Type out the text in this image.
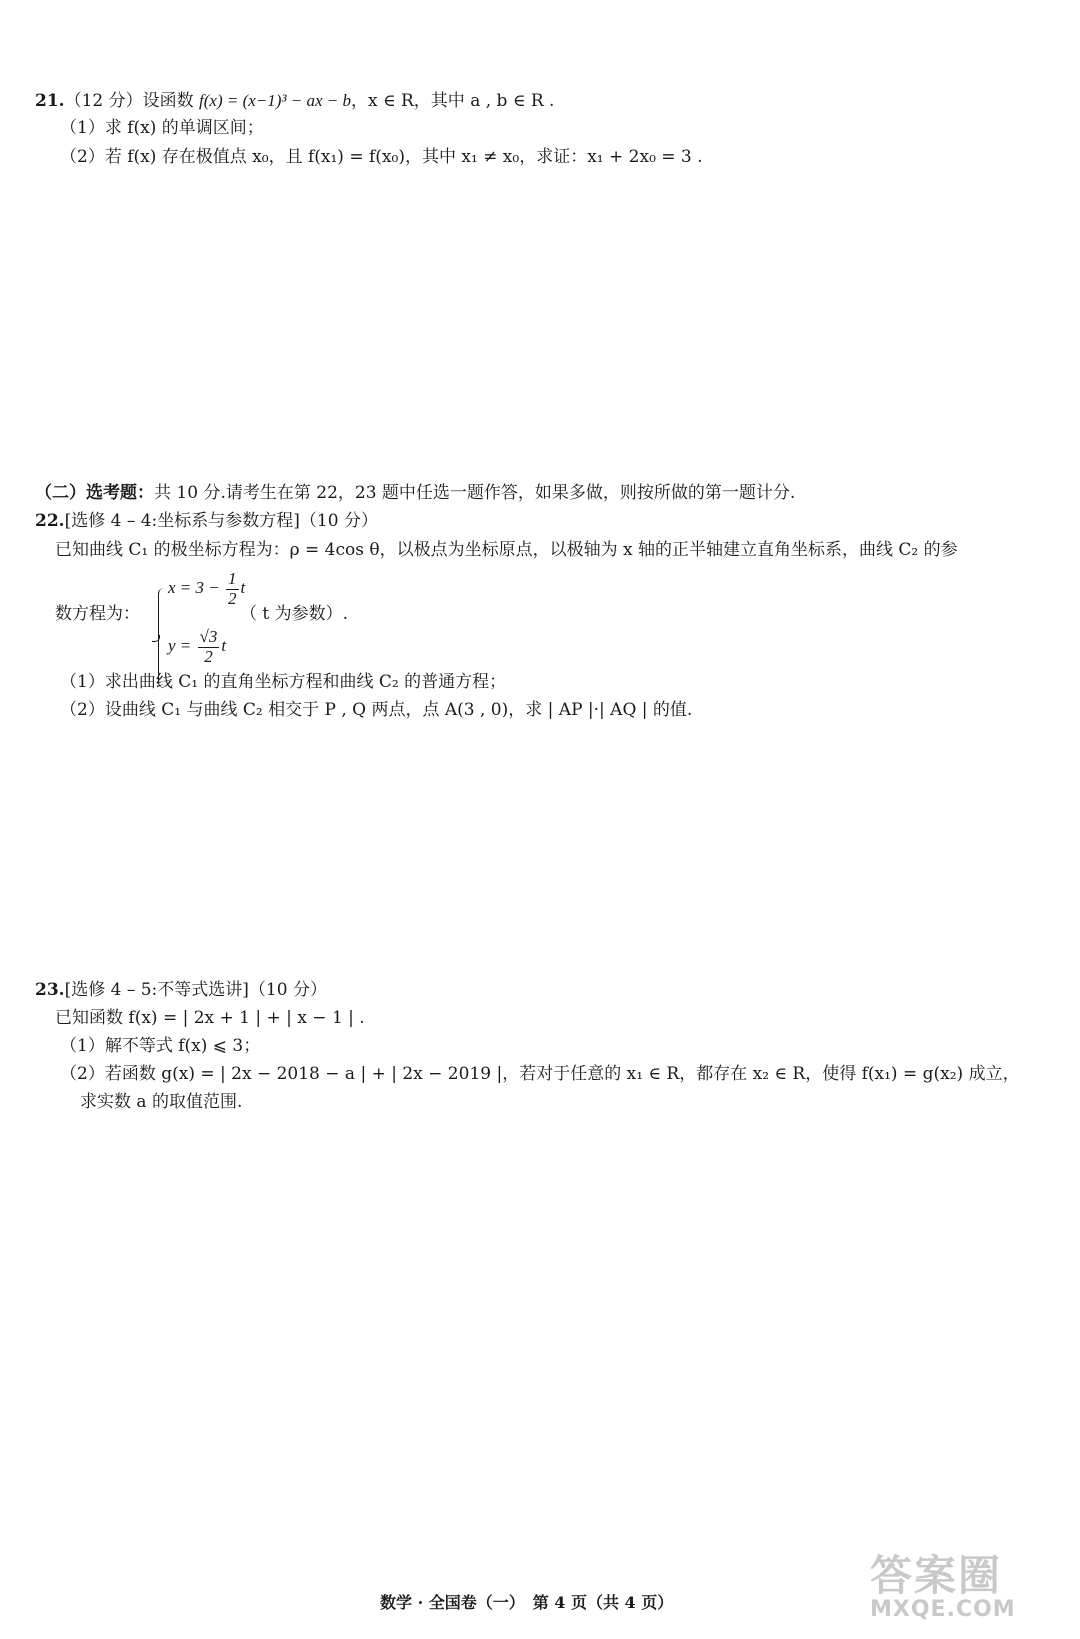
21.（12 分）设函数 f(x) = (x−1)³ − ax − b，x ∈ R，其中 a , b ∈ R .
（1）求 f(x) 的单调区间；
（2）若 f(x) 存在极值点 x₀，且 f(x₁) = f(x₀)，其中 x₁ ≠ x₀，求证：x₁ + 2x₀ = 3 .
（二）选考题：共 10 分.请考生在第 22，23 题中任选一题作答，如果多做，则按所做的第一题计分.
22.[选修 4 – 4:坐标系与参数方程]（10 分）
已知曲线 C₁ 的极坐标方程为：ρ = 4cos θ，以极点为坐标原点，以极轴为 x 轴的正半轴建立直角坐标系，曲线 C₂ 的参
数方程为：
$x = 3 - \frac{1}{2}$ t
$y = \frac{√3}{2}$ t
（ t 为参数）.
（1）求出曲线 C₁ 的直角坐标方程和曲线 C₂ 的普通方程；
（2）设曲线 C₁ 与曲线 C₂ 相交于 P , Q 两点，点 A(3 , 0)，求 | AP |·| AQ | 的值.
23.[选修 4 – 5:不等式选讲]（10 分）
已知函数 f(x) = | 2x + 1 | + | x − 1 | .
（1）解不等式 f(x) ⩽ 3；
（2）若函数 g(x) = | 2x − 2018 − a | + | 2x − 2019 |，若对于任意的 x₁ ∈ R，都存在 x₂ ∈ R，使得 f(x₁) = g(x₂) 成立，
求实数 a 的取值范围.
数学 · 全国卷（一）　第 4 页（共 4 页）
答案圈
MXQE.COM
